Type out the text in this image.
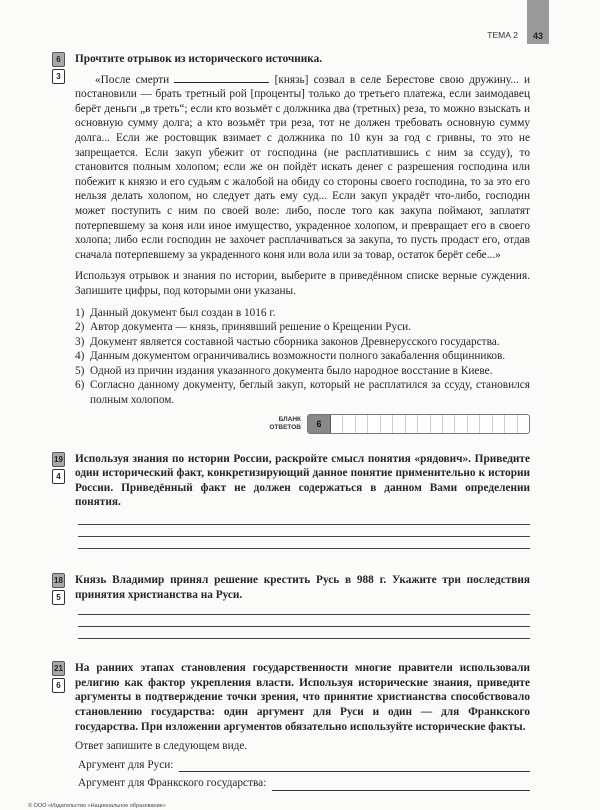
43
ТЕМА 2
6
3
Прочтите отрывок из исторического источника.
«После смерти	[князь] созвал в селе Берестове свою дружину... и постановили — брать третный рой [проценты] только до третьего платежа, если заимодавец берёт деньги „в треть“; если кто возьмёт с должника два (третных) реза, то можно взыскать и основную сумму долга; а кто возьмёт три реза, тот не должен требовать основную сумму долга... Если же ростовщик взимает с должника по 10 кун за год с гривны, то это не запрещается. Если закуп убежит от господина (не расплатившись с ним за ссуду), то становится полным холопом; если же он пойдёт искать денег с разрешения господина или побежит к князю и его судьям с жалобой на обиду со стороны своего господина, то за это его нельзя делать холопом, но следует дать ему суд... Если закуп украдёт что-либо, господин может поступить с ним по своей воле: либо, после того как закупа поймают, заплатят потерпевшему за коня или иное имущество, украденное холопом, и превращает его в своего холопа; либо если господин не захочет расплачиваться за закупа, то пусть продаст его, отдав сначала потерпевшему за украденного коня или вола или за товар, остаток берёт себе...»
Используя отрывок и знания по истории, выберите в приведённом списке верные суждения. Запишите цифры, под которыми они указаны.
1) Данный документ был создан в 1016 г.
2) Автор документа — князь, принявший решение о Крещении Руси.
3) Документ является составной частью сборника законов Древнерусского государства.
4) Данным документом ограничивались возможности полного закабаления общинников.
5) Одной из причин издания указанного документа было народное восстание в Киеве.
6) Согласно данному документу, беглый закуп, который не расплатился за ссуду, становился полным холопом.
БЛАНК
ОТВЕТОВ	6
19
4
Используя знания по истории России, раскройте смысл понятия «рядович». Приведите один исторический факт, конкретизирующий данное понятие применительно к истории России. Приведённый факт не должен содержаться в данном Вами определении понятия.
18
5
Князь Владимир принял решение крестить Русь в 988 г. Укажите три последствия принятия христианства на Руси.
21
6
На ранних этапах становления государственности многие правители использовали религию как фактор укрепления власти. Используя исторические знания, приведите аргументы в подтверждение точки зрения, что принятие христианства способствовало становлению государства: один аргумент для Руси и один — для Франкского государства. При изложении аргументов обязательно используйте исторические факты.
Ответ запишите в следующем виде.
Аргумент для Руси:
Аргумент для Франкского государства:
© ООО «Издательство «Национальное образование»
